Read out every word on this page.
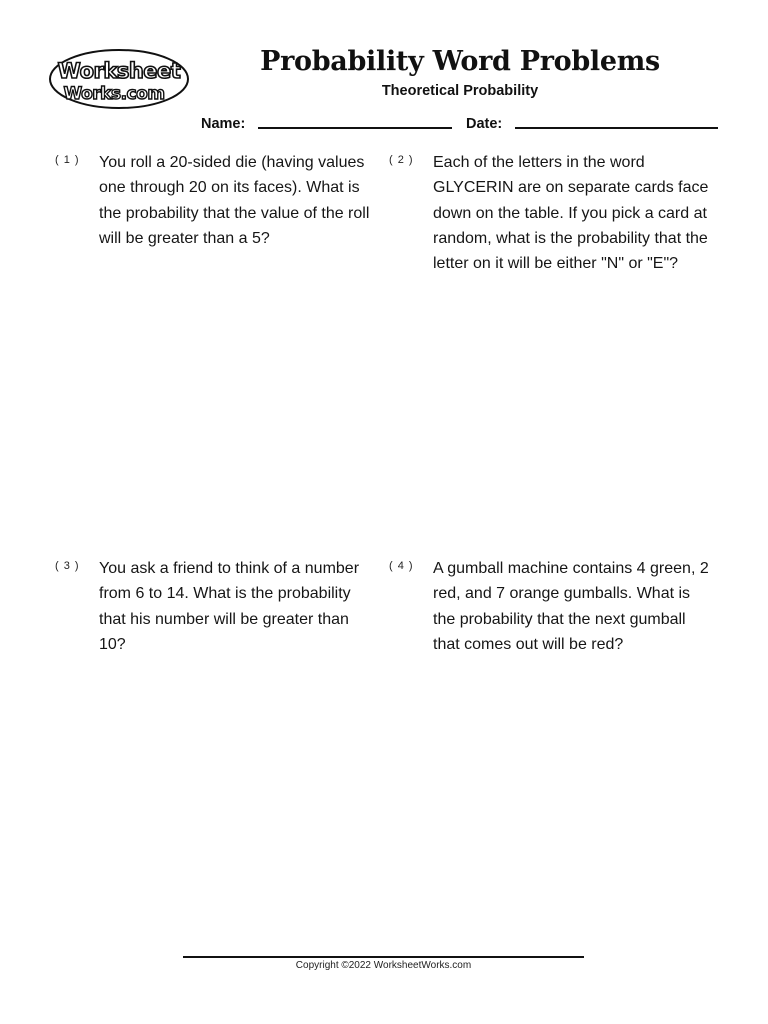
Worksheet
Works.com
Probability Word Problems
Theoretical Probability
Name:	Date:
( 1 ) You roll a 20-sided die (having values one through 20 on its faces). What is the probability that the value of the roll will be greater than a 5?
( 2 ) Each of the letters in the word GLYCERIN are on separate cards face down on the table. If you pick a card at random, what is the probability that the letter on it will be either "N" or "E"?
( 3 ) You ask a friend to think of a number from 6 to 14. What is the probability that his number will be greater than 10?
( 4 ) A gumball machine contains 4 green, 2 red, and 7 orange gumballs. What is the probability that the next gumball that comes out will be red?
Copyright ©2022 WorksheetWorks.com
